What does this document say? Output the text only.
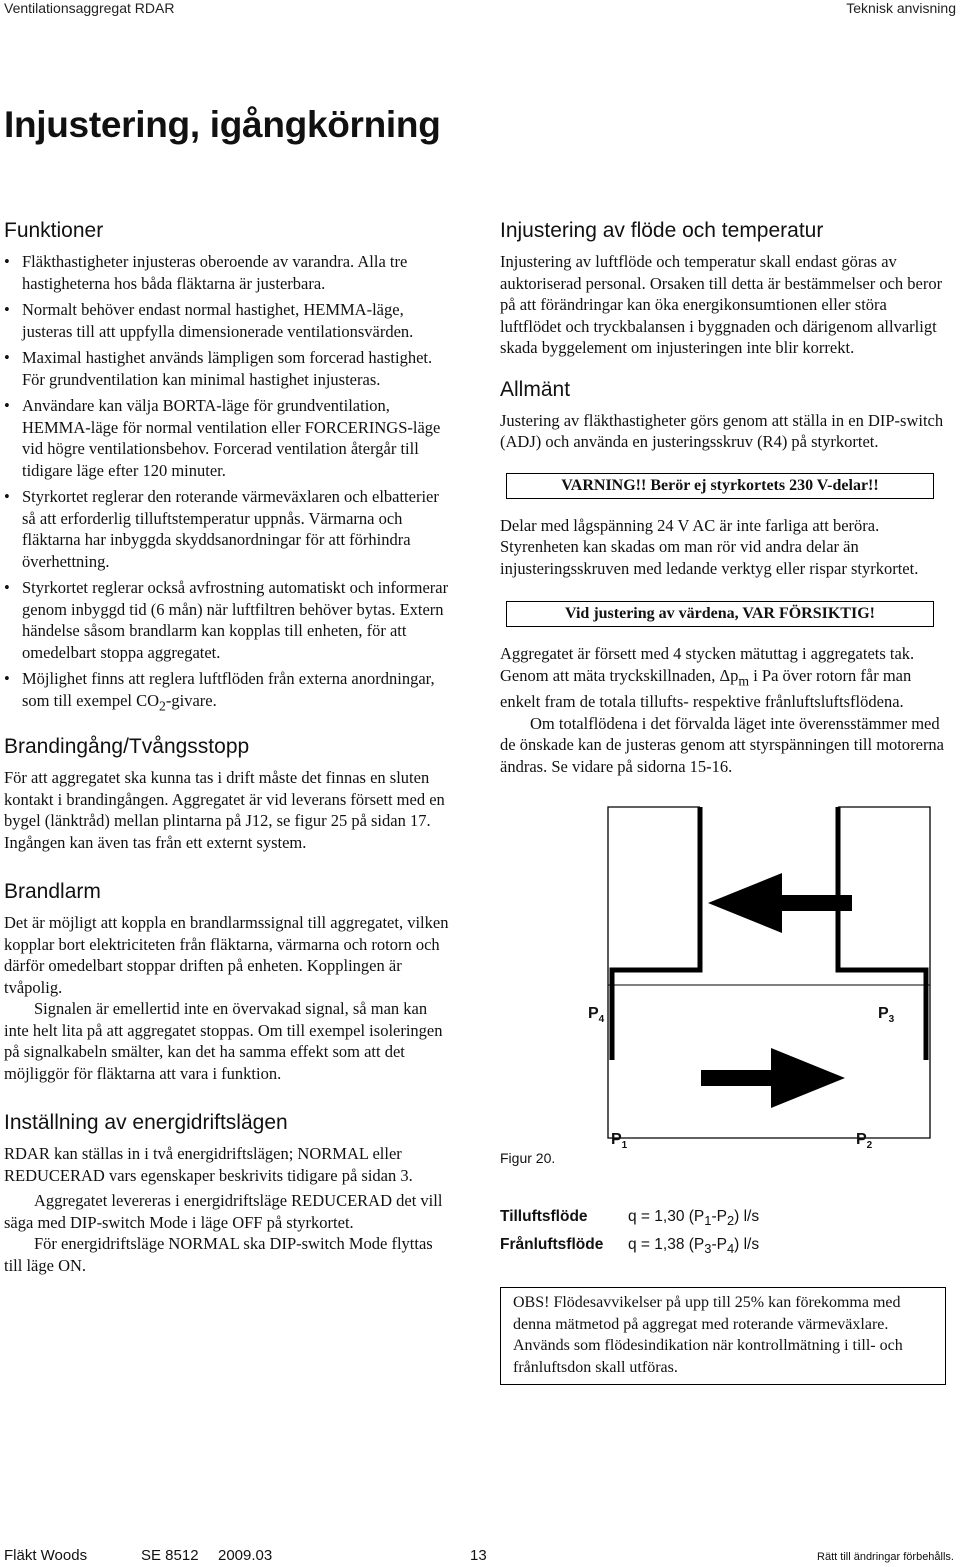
Ventilationsaggregat RDAR	Teknisk anvisning
Injustering, igångkörning
Funktioner
• Fläkthastigheter injusteras oberoende av varandra. Alla tre hastigheterna hos båda fläktarna är justerbara.
• Normalt behöver endast normal hastighet, HEMMA-läge, justeras till att uppfylla dimensionerade ventilationsvärden.
• Maximal hastighet används lämpligen som forcerad hastighet. För grundventilation kan minimal hastighet injusteras.
• Användare kan välja BORTA-läge för grundventilation, HEMMA-läge för normal ventilation eller FORCERINGS-läge vid högre ventilationsbehov. Forcerad ventilation återgår till tidigare läge efter 120 minuter.
• Styrkortet reglerar den roterande värmeväxlaren och elbatterier så att erforderlig tilluftstemperatur uppnås. Värmarna och fläktarna har inbyggda skyddsanordningar för att förhindra överhettning.
• Styrkortet reglerar också avfrostning automatiskt och informerar genom inbyggd tid (6 mån) när luftfiltren behöver bytas. Extern händelse såsom brandlarm kan kopplas till enheten, för att omedelbart stoppa aggregatet.
• Möjlighet finns att reglera luftflöden från externa anordningar, som till exempel $CO_2$-givare.
Brandingång/Tvångsstopp

För att aggregatet ska kunna tas i drift måste det finnas en sluten kontakt i brandingången. Aggregatet är vid leverans försett med en bygel (länktråd) mellan plintarna på J12, se figur 25 på sidan 17. Ingången kan även tas från ett externt system.

Brandlarm

Det är möjligt att koppla en brandlarmssignal till aggregatet, vilken kopplar bort elektriciteten från fläktarna, värmarna och rotorn och därför omedelbart stoppar driften på enheten. Kopplingen är tvåpolig.

Signalen är emellertid inte en övervakad signal, så man kan inte helt lita på att aggregatet stoppas. Om till exempel isoleringen på signalkabeln smälter, kan det ha samma effekt som att det möjliggör för fläktarna att vara i funktion.

Inställning av energidriftslägen

RDAR kan ställas in i två energidriftslägen; NORMAL eller REDUCERAD vars egenskaper beskrivits tidigare på sidan 3.

Aggregatet levereras i energidriftsläge REDUCERAD det vill säga med DIP-switch Mode i läge OFF på styrkortet.

För energidriftsläge NORMAL ska DIP-switch Mode flyttas till läge ON.

Injustering av flöde och temperatur

Injustering av luftflöde och temperatur skall endast göras av auktoriserad personal. Orsaken till detta är bestämmelser och beror på att förändringar kan öka energikonsumtionen eller störa luftflödet och tryckbalansen i byggnaden och därigenom allvarligt skada byggelement om injusteringen inte blir korrekt.

Allmänt

Justering av fläkthastigheter görs genom att ställa in en DIP-switch (ADJ) och använda en justeringsskruv (R4) på styrkortet.

VARNING!! Berör ej styrkortets 230 V-delar!!

Delar med lågspänning 24 V AC är inte farliga att beröra. Styrenheten kan skadas om man rör vid andra delar än injusteringsskruven med ledande verktyg eller rispar styrkortet.

Vid justering av värdena, VAR FÖRSIKTIG!

Aggregatet är försett med 4 stycken mätuttag i aggregatets tak. Genom att mäta tryckskillnaden, $\Delta p_m$ i Pa över rotorn får man enkelt fram de totala tillufts- respektive frånluftsluftsflödena.

Om totalflödena i det förvalda läget inte överensstämmer med de önskade kan de justeras genom att styrspänningen till motorerna ändras. Se vidare på sidorna 15-16.

$P_4$	$P_3$
$P_1$	$P_2$
Figur 20.
Tilluftsflöde	q = 1,30 $(P_1-P_2)$ l/s
Frånluftsflöde	q = 1,38 $(P_3-P_4)$ l/s

OBS! Flödesavvikelser på upp till 25% kan förekomma med denna mätmetod på aggregat med roterande värmeväxlare. Används som flödesindikation när kontrollmätning i till- och frånluftsdon skall utföras.

Fläkt Woods	SE 8512 2009.03	13	Rätt till ändringar förbehålls.
